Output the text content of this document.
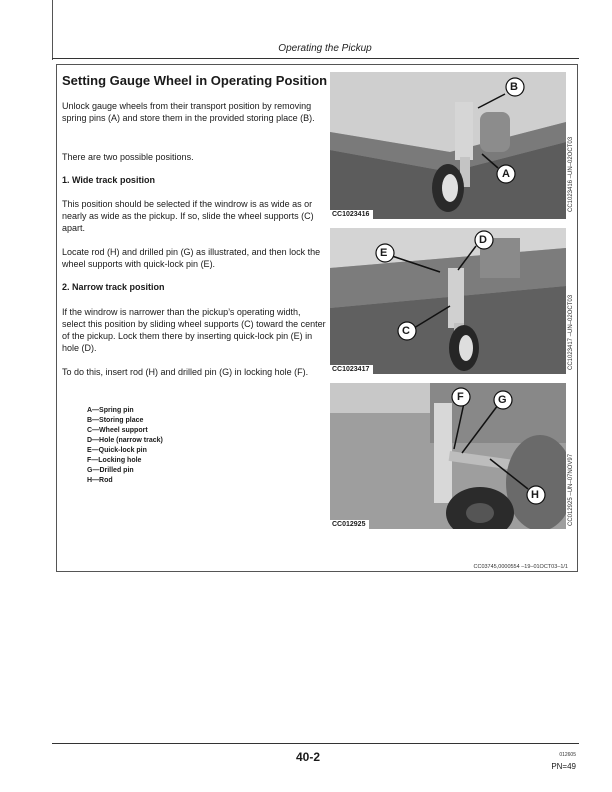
Operating the Pickup
Setting Gauge Wheel in Operating Position
Unlock gauge wheels from their transport position by removing spring pins (A) and store them in the provided storing place (B).
There are two possible positions.
1. Wide track position
This position should be selected if the windrow is as wide as or nearly as wide as the pickup. If so, slide the wheel supports (C) apart.
Locate rod (H) and drilled pin (G) as illustrated, and then lock the wheel supports with quick-lock pin (E).
2. Narrow track position
If the windrow is narrower than the pickup’s operating width, select this position by sliding wheel supports (C) toward the center of the pickup. Lock them there by inserting quick-lock pin (E) in hole (D).
To do this, insert rod (H) and drilled pin (G) in locking hole (F).
A—Spring pin
B—Storing place
C—Wheel support
D—Hole (narrow track)
E—Quick-lock pin
F—Locking hole
G—Drilled pin
H—Rod
B
A
CC1023416
CC1023416 –UN–02OCT03
E
D
C
CC1023417	CC1023417 –UN–02OCT03
F	G
H
CC012925	CC012925 –UN–07NOV97
CC03745,0000554 –19–01OCT03–1/1
40-2	012605
PN=49
